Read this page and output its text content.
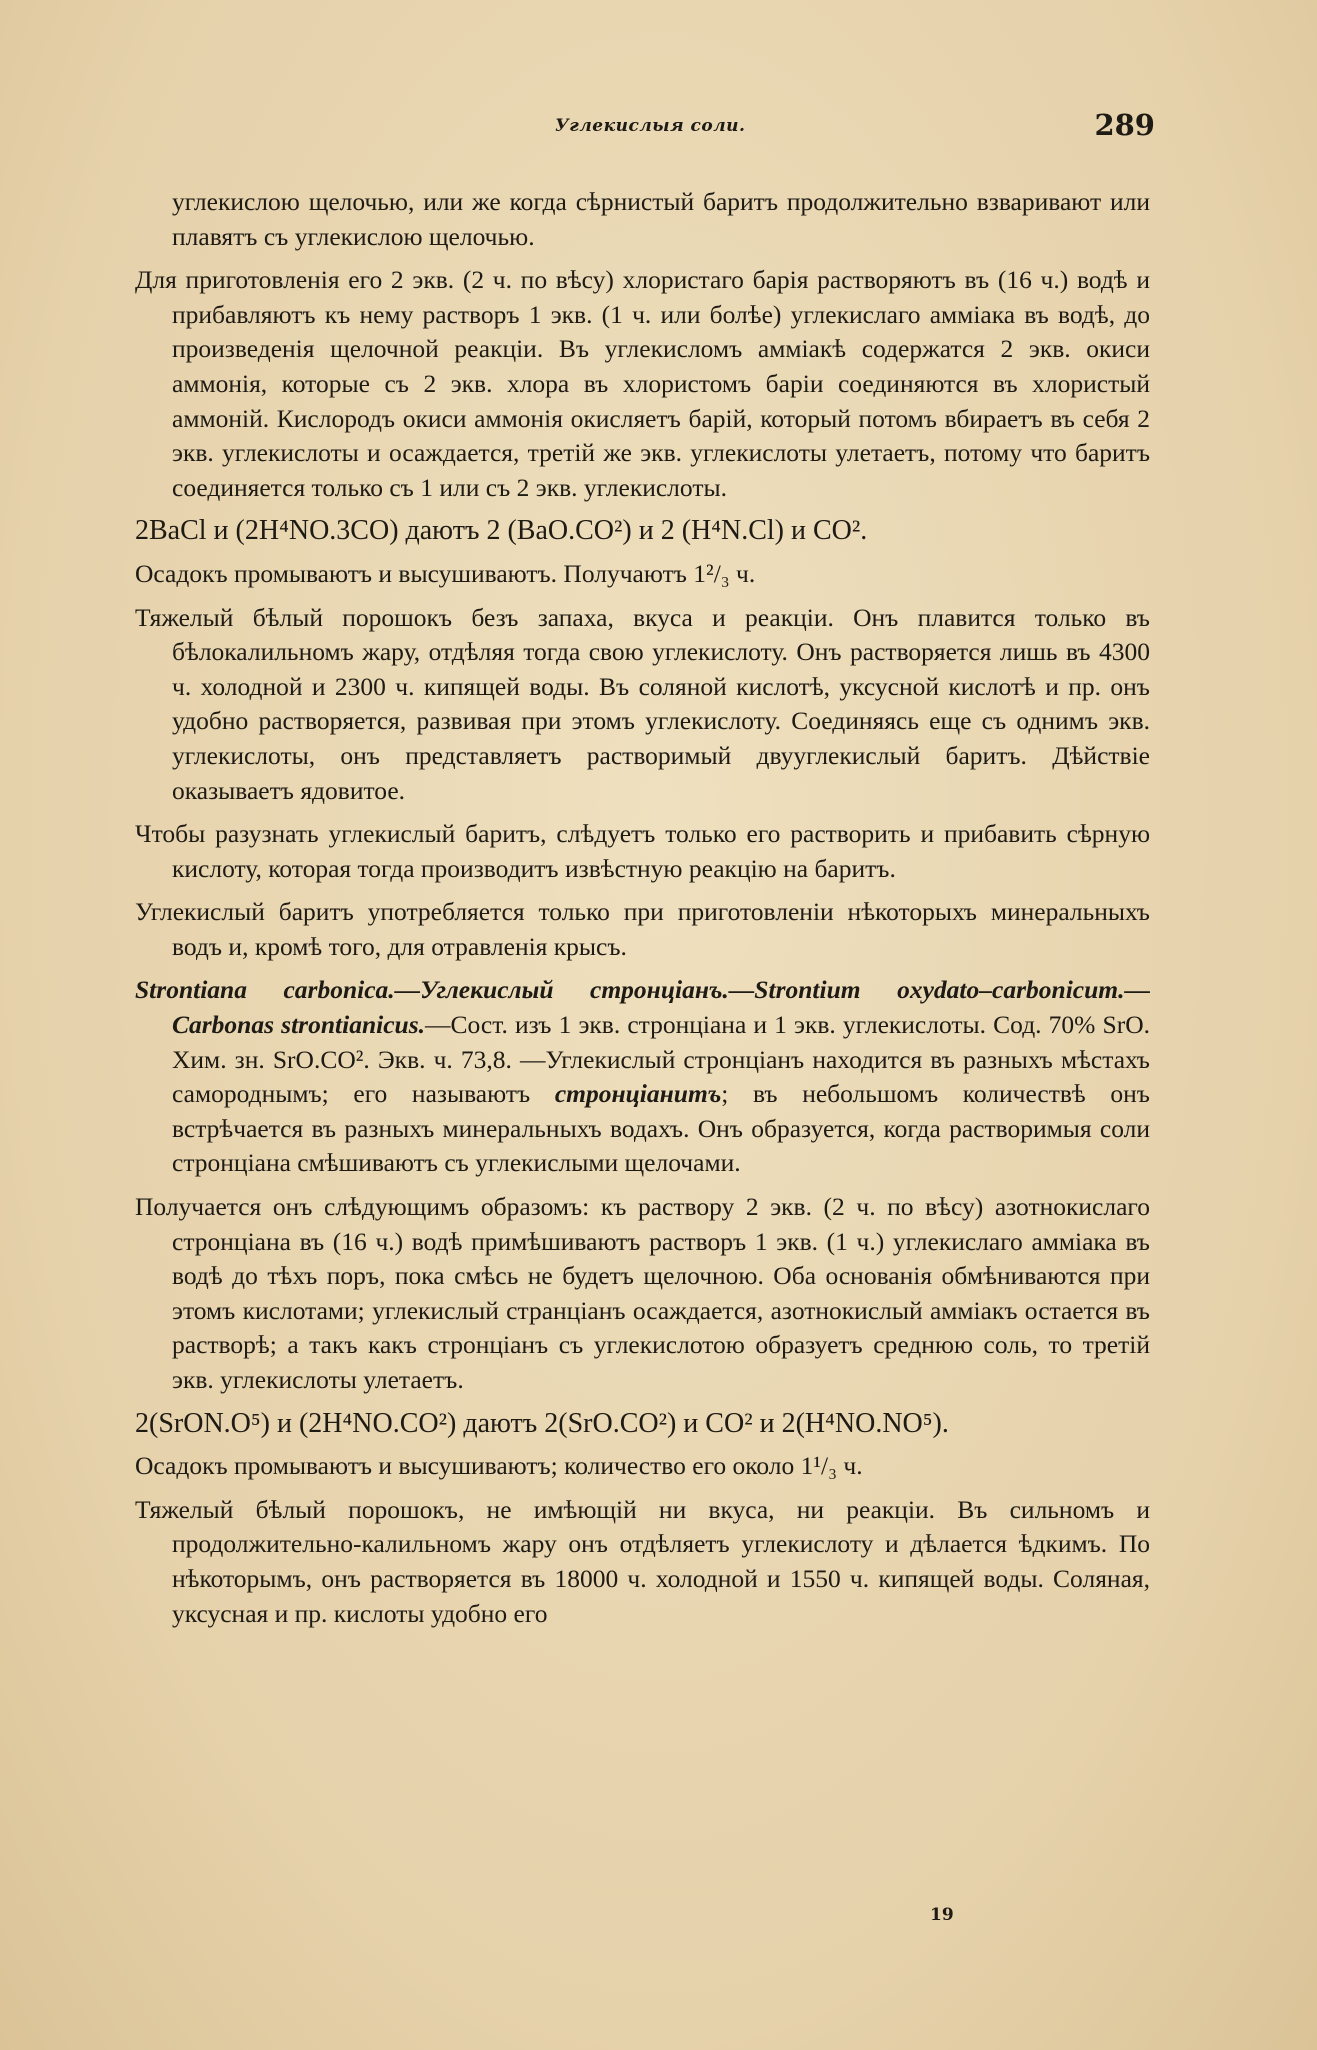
Углекислыя соли.	289

углекислою щелочью, или же когда сѣрнистый баритъ продолжительно взваривают или плавятъ съ углекислою щелочью.

Для приготовленія его 2 экв. (2 ч. по вѣсу) хлористаго барія растворяютъ въ (16 ч.) водѣ и прибавляютъ къ нему растворъ 1 экв. (1 ч. или болѣе) углекислаго аммiака въ водѣ, до произведенія щелочной реакціи. Въ углекисломъ амміакѣ содержатся 2 экв. окиси аммонія, которые съ 2 экв. хлора въ хлористомъ баріи соединяются въ хлористый аммоній. Кислородъ окиси аммонія окисляетъ барій, который потомъ вбираетъ въ себя 2 экв. углекислоты и осаждается, третій же экв. углекислоты улетаетъ, потому что баритъ соединяется только съ 1 или съ 2 экв. углекислоты.

2BaCl и (2H⁴NO.3CO) даютъ 2 (BaO.CO²) и 2 (H⁴N.Cl) и CO².

Осадокъ промываютъ и высушиваютъ. Получаютъ 1²/₃ ч.

Тяжелый бѣлый порошокъ безъ запаха, вкуса и реакціи. Онъ плавится только въ бѣлокалильномъ жару, отдѣляя тогда свою углекислоту. Онъ растворяется лишь въ 4300 ч. холодной и 2300 ч. кипящей воды. Въ соляной кислотѣ, уксусной кислотѣ и пр. онъ удобно растворяется, развивая при этомъ углекислоту. Соединяясь еще съ однимъ экв. углекислоты, онъ представляетъ растворимый двууглекислый баритъ. Дѣйствіе оказываетъ ядовитое.

Чтобы разузнать углекислый баритъ, слѣдуетъ только его растворить и прибавить сѣрную кислоту, которая тогда производитъ извѣстную реакцію на баритъ.

Углекислый баритъ употребляется только при приготовленіи нѣкоторыхъ минеральныхъ водъ и, кромѣ того, для отравленія крысъ.

Strontiana carbonica.—Углекислый стронціанъ.—Strontium oxydato–carbonicum.—Carbonas strontianicus.—Сост. изъ 1 экв. стронціана и 1 экв. углекислоты. Сод. 70% SrO. Хим. зн. SrO.CO². Экв. ч. 73,8. —Углекислый стронціанъ находится въ разныхъ мѣстахъ самороднымъ; его называютъ стронціанитъ; въ небольшомъ количествѣ онъ встрѣчается въ разныхъ минеральныхъ водахъ. Онъ образуется, когда растворимыя соли стронціана смѣшиваютъ съ углекислыми щелочами.

Получается онъ слѣдующимъ образомъ: къ раствору 2 экв. (2 ч. по вѣсу) азотнокислаго стронціана въ (16 ч.) водѣ примѣшиваютъ растворъ 1 экв. (1 ч.) углекислаго амміака въ водѣ до тѣхъ поръ, пока смѣсь не будетъ щелочною. Оба основанія обмѣниваются при этомъ кислотами; углекислый странціанъ осаждается, азотнокислый амміакъ остается въ растворѣ; а такъ какъ стронціанъ съ углекислотою образуетъ среднюю соль, то третій экв. углекислоты улетаетъ.

2(SrON.O⁵) и (2H⁴NO.CO²) даютъ 2(SrO.CO²) и CO² и 2(H⁴NO.NO⁵).

Осадокъ промываютъ и высушиваютъ; количество его около 1¹/₃ ч.

Тяжелый бѣлый порошокъ, не имѣющій ни вкуса, ни реакціи. Въ сильномъ и продолжительно-калильномъ жару онъ отдѣляетъ углекислоту и дѣлается ѣдкимъ. По нѣкоторымъ, онъ растворяется въ 18000 ч. холодной и 1550 ч. кипящей воды. Соляная, уксусная и пр. кислоты удобно его

19
